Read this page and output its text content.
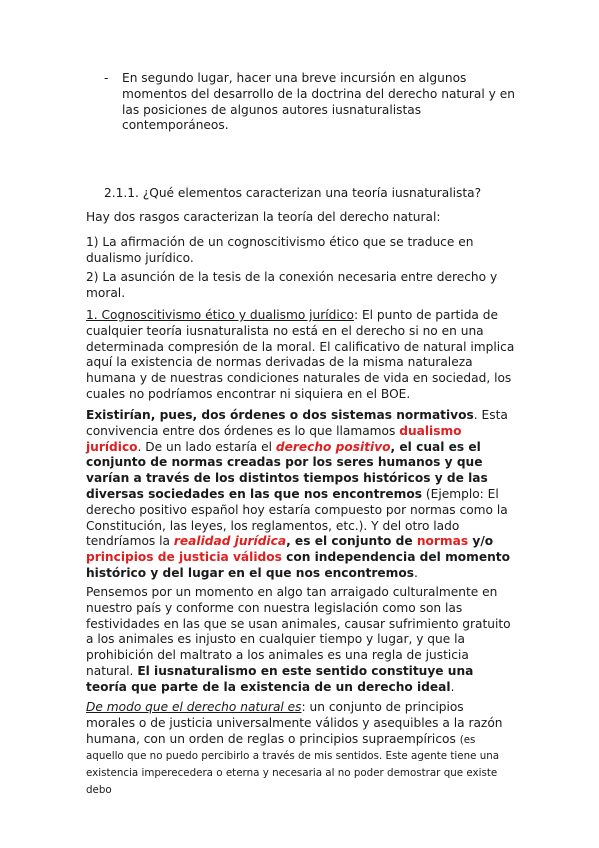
- En segundo lugar, hacer una breve incursión en algunos momentos del desarrollo de la doctrina del derecho natural y en las posiciones de algunos autores iusnaturalistas contemporáneos.

2.1.1. ¿Qué elementos caracterizan una teoría iusnaturalista?

Hay dos rasgos caracterizan la teoría del derecho natural:

1) La afirmación de un cognoscitivismo ético que se traduce en dualismo jurídico.

2) La asunción de la tesis de la conexión necesaria entre derecho y moral.

1. Cognoscitivismo ético y dualismo jurídico: El punto de partida de cualquier teoría iusnaturalista no está en el derecho si no en una determinada compresión de la moral. El calificativo de natural implica aquí la existencia de normas derivadas de la misma naturaleza humana y de nuestras condiciones naturales de vida en sociedad, los cuales no podríamos encontrar ni siquiera en el BOE.

Existirían, pues, dos órdenes o dos sistemas normativos. Esta convivencia entre dos órdenes es lo que llamamos dualismo jurídico. De un lado estaría el derecho positivo, el cual es el conjunto de normas creadas por los seres humanos y que varían a través de los distintos tiempos históricos y de las diversas sociedades en las que nos encontremos (Ejemplo: El derecho positivo español hoy estaría compuesto por normas como la Constitución, las leyes, los reglamentos, etc.). Y del otro lado tendríamos la realidad jurídica, es el conjunto de normas y/o principios de justicia válidos con independencia del momento histórico y del lugar en el que nos encontremos.

Pensemos por un momento en algo tan arraigado culturalmente en nuestro país y conforme con nuestra legislación como son las festividades en las que se usan animales, causar sufrimiento gratuito a los animales es injusto en cualquier tiempo y lugar, y que la prohibición del maltrato a los animales es una regla de justicia natural. El iusnaturalismo en este sentido constituye una teoría que parte de la existencia de un derecho ideal.

De modo que el derecho natural es: un conjunto de principios morales o de justicia universalmente válidos y asequibles a la razón humana, con un orden de reglas o principios supraempíricos (es aquello que no puedo percibirlo a través de mis sentidos. Este agente tiene una existencia imperecedera o eterna y necesaria al no poder demostrar que existe debo
